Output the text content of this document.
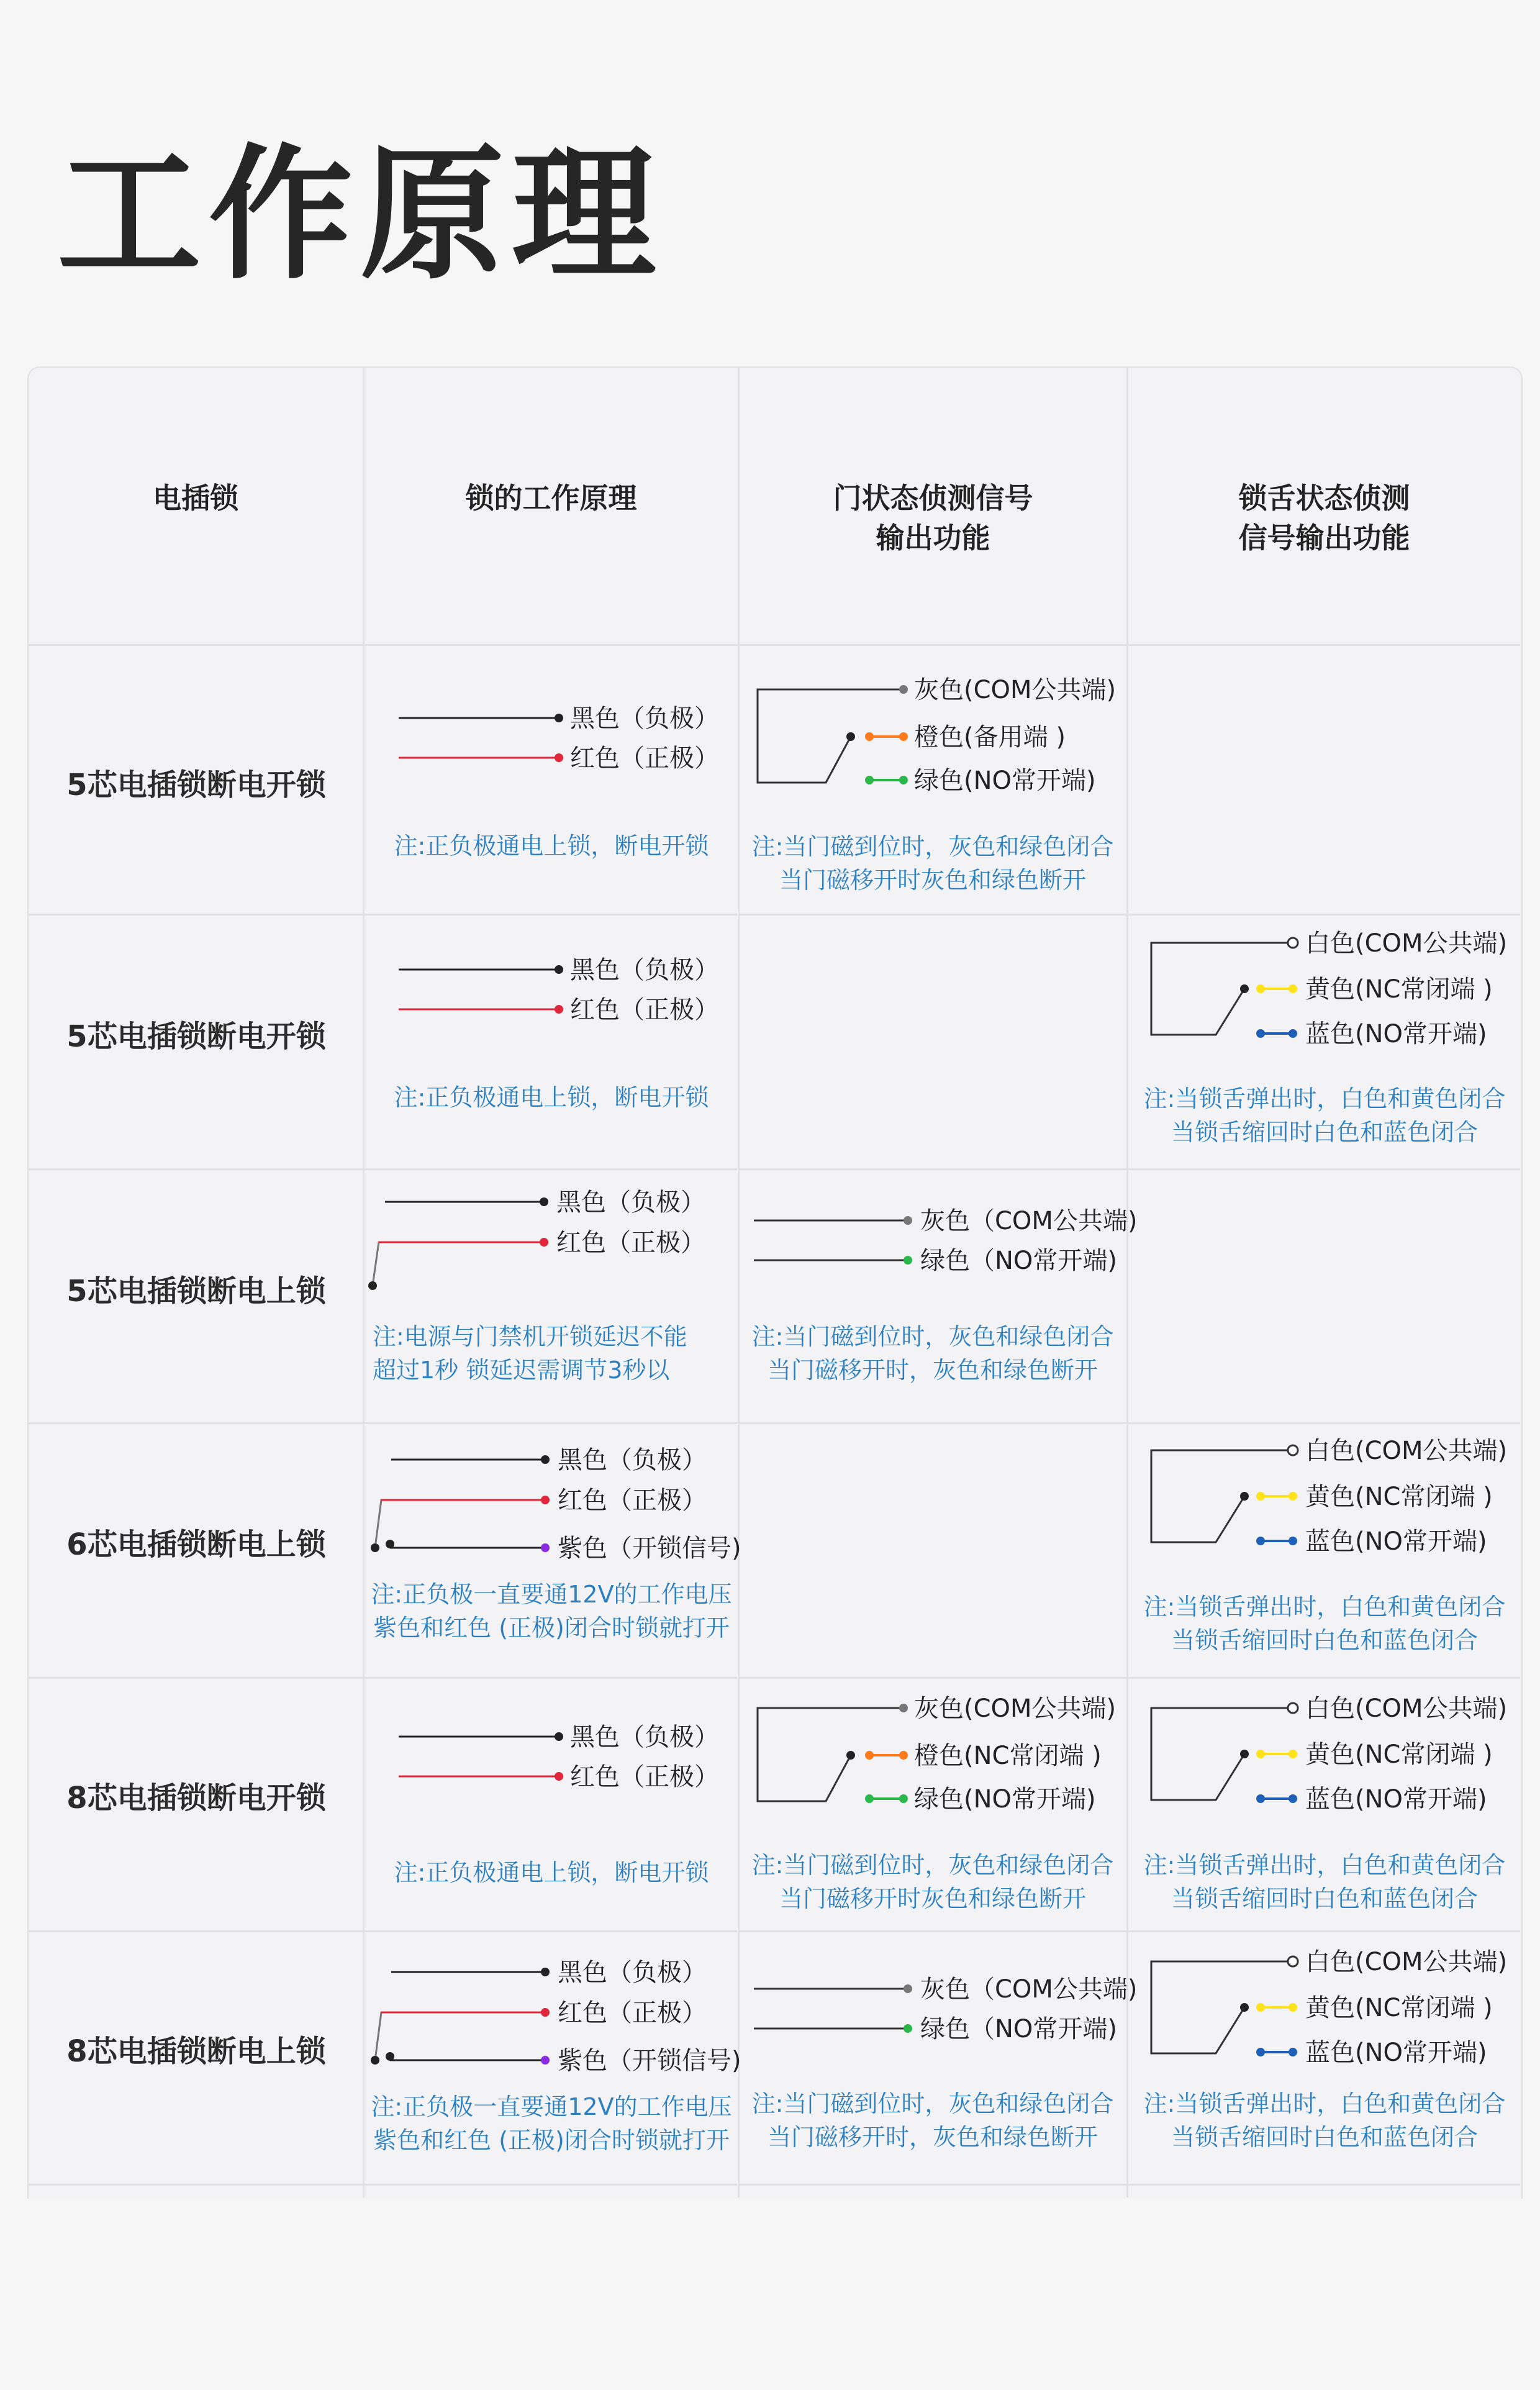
工作原理
电插锁	锁的工作原理	门状态侦测信号
输出功能
锁舌状态侦测
信号输出功能
5芯电插锁断电开锁
5芯电插锁断电开锁
5芯电插锁断电上锁
6芯电插锁断电上锁
8芯电插锁断电开锁
8芯电插锁断电上锁
黑色（负极）
红色（正极）
注:正负极通电上锁，断电开锁
黑色（负极）
红色（正极）
注:正负极通电上锁，断电开锁
黑色（负极）
红色（正极）
注:电源与门禁机开锁延迟不能
超过1秒 锁延迟需调节3秒以
黑色（负极）
红色（正极）
紫色（开锁信号)
注:正负极一直要通12V的工作电压
紫色和红色 (正极)闭合时锁就打开
黑色（负极）
红色（正极）
注:正负极通电上锁，断电开锁
黑色（负极）
红色（正极）
紫色（开锁信号)
注:正负极一直要通12V的工作电压
紫色和红色 (正极)闭合时锁就打开
灰色(COM公共端)
橙色(备用端 )
绿色(NO常开端)
注:当门磁到位时，灰色和绿色闭合
当门磁移开时灰色和绿色断开
灰色（COM公共端)
绿色（NO常开端)
注:当门磁到位时，灰色和绿色闭合
当门磁移开时，灰色和绿色断开
灰色(COM公共端)
橙色(NC常闭端 )
绿色(NO常开端)
注:当门磁到位时，灰色和绿色闭合
当门磁移开时灰色和绿色断开
灰色（COM公共端)
绿色（NO常开端)
注:当门磁到位时，灰色和绿色闭合
当门磁移开时，灰色和绿色断开
白色(COM公共端)
黄色(NC常闭端 )
蓝色(NO常开端)
注:当锁舌弹出时，白色和黄色闭合
当锁舌缩回时白色和蓝色闭合
白色(COM公共端)
黄色(NC常闭端 )
蓝色(NO常开端)
注:当锁舌弹出时，白色和黄色闭合
当锁舌缩回时白色和蓝色闭合
白色(COM公共端)
黄色(NC常闭端 )
蓝色(NO常开端)
注:当锁舌弹出时，白色和黄色闭合
当锁舌缩回时白色和蓝色闭合
白色(COM公共端)
黄色(NC常闭端 )
蓝色(NO常开端)
注:当锁舌弹出时，白色和黄色闭合
当锁舌缩回时白色和蓝色闭合
